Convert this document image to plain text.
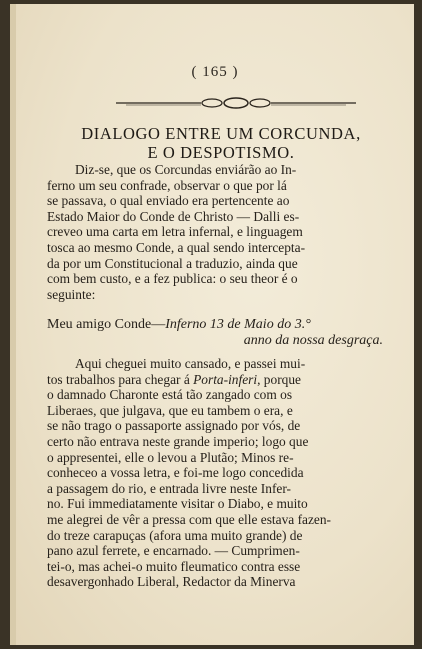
( 165 )
DIALOGO ENTRE UM CORCUNDA,
E O DESPOTISMO.
Diz-se, que os Corcundas enviárão ao In-
ferno um seu confrade, observar o que por lá
se passava, o qual enviado era pertencente ao
Estado Maior do Conde de Christo — Dalli es-
creveo uma carta em letra infernal, e linguagem
tosca ao mesmo Conde, a qual sendo intercepta-
da por um Constitucional a traduzio, ainda que
com bem custo, e a fez publica: o seu theor é o
seguinte:
Meu amigo Conde—Inferno 13 de Maio do 3.°
anno da nossa desgraça.
Aqui cheguei muito cansado, e passei mui-
tos trabalhos para chegar á Porta-inferi, porque
o damnado Charonte está tão zangado com os
Liberaes, que julgava, que eu tambem o era, e
se não trago o passaporte assignado por vós, de
certo não entrava neste grande imperio; logo que
o appresentei, elle o levou a Plutão; Minos re-
conheceo a vossa letra, e foi-me logo concedida
a passagem do rio, e entrada livre neste Infer-
no. Fui immediatamente visitar o Diabo, e muito
me alegrei de vêr a pressa com que elle estava fazen-
do treze carapuças (afora uma muito grande) de
pano azul ferrete, e encarnado. — Cumprimen-
tei-o, mas achei-o muito fleumatico contra esse
desavergonhado Liberal, Redactor da Minerva
